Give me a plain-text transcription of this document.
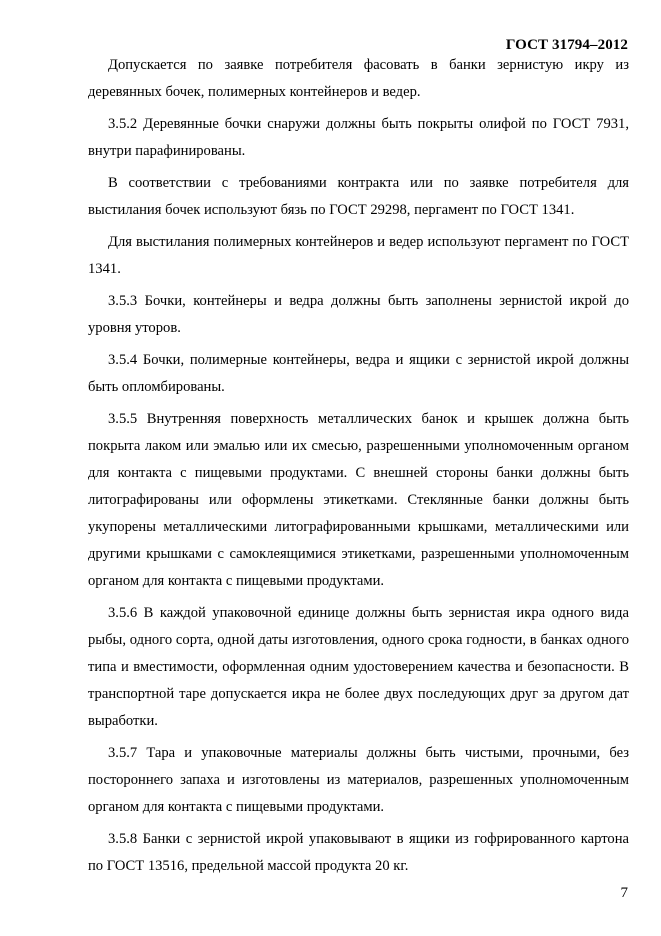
ГОСТ 31794–2012

Допускается по заявке потребителя фасовать в банки зернистую икру из деревянных бочек, полимерных контейнеров и ведер.

3.5.2 Деревянные бочки снаружи должны быть покрыты олифой по ГОСТ 7931, внутри парафинированы.

В соответствии с требованиями контракта или по заявке потребителя для выстилания бочек используют бязь по ГОСТ 29298, пергамент по ГОСТ 1341.

Для выстилания полимерных контейнеров и ведер используют пергамент по ГОСТ 1341.

3.5.3 Бочки, контейнеры и ведра должны быть заполнены зернистой икрой до уровня уторов.

3.5.4 Бочки, полимерные контейнеры, ведра и ящики с зернистой икрой должны быть опломбированы.

3.5.5 Внутренняя поверхность металлических банок и крышек должна быть покрыта лаком или эмалью или их смесью, разрешенными уполномоченным органом для контакта с пищевыми продуктами. С внешней стороны банки должны быть литографированы или оформлены этикетками. Стеклянные банки должны быть укупорены металлическими литографированными крышками, металлическими или другими крышками с самоклеящимися этикетками, разрешенными уполномоченным органом для контакта с пищевыми продуктами.

3.5.6 В каждой упаковочной единице должны быть зернистая икра одного вида рыбы, одного сорта, одной даты изготовления, одного срока годности, в банках одного типа и вместимости, оформленная одним удостоверением качества и безопасности. В транспортной таре допускается икра не более двух последующих друг за другом дат выработки.

3.5.7 Тара и упаковочные материалы должны быть чистыми, прочными, без постороннего запаха и изготовлены из материалов, разрешенных уполномоченным органом для контакта с пищевыми продуктами.

3.5.8 Банки с зернистой икрой упаковывают в ящики из гофрированного картона по ГОСТ 13516, предельной массой продукта 20 кг.

7
